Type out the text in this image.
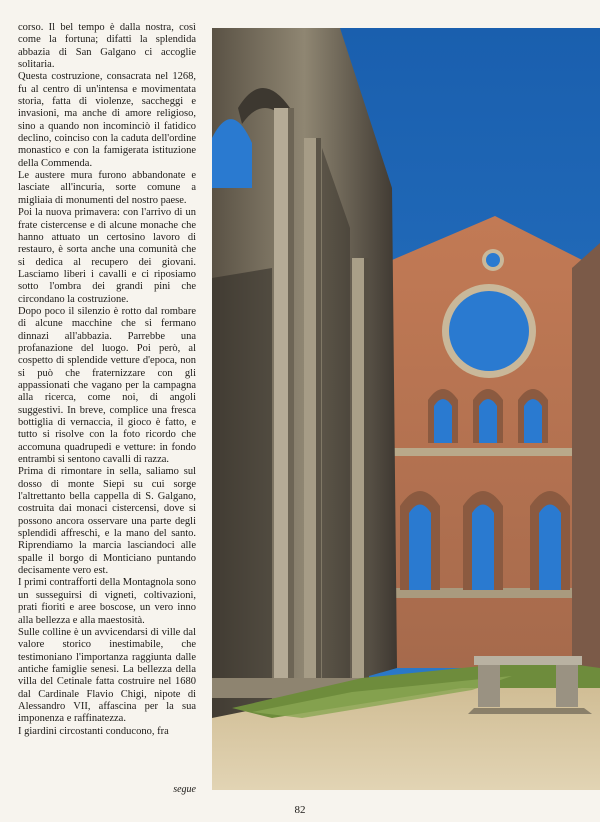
corso. Il bel tempo è dalla nostra, così come la fortuna; difatti la splendida abbazia di San Galgano ci accoglie solitaria.

Questa costruzione, consacrata nel 1268, fu al centro di un'intensa e movimentata storia, fatta di violenze, saccheggi e invasioni, ma anche di amore religioso, sino a quando non incominciò il fatidico declino, coinciso con la caduta dell'ordine monastico e con la famigerata istituzione della Commenda.

Le austere mura furono abbandonate e lasciate all'incuria, sorte comune a migliaia di monumenti del nostro paese.

Poi la nuova primavera: con l'arrivo di un frate cistercense e di alcune monache che hanno attuato un certosino lavoro di restauro, è sorta anche una comunità che si dedica al recupero dei giovani. Lasciamo liberi i cavalli e ci riposiamo sotto l'ombra dei grandi pini che circondano la costruzione.

Dopo poco il silenzio è rotto dal rombare di alcune macchine che si fermano dinnazi all'abbazia. Parrebbe una profanazione del luogo. Poi però, al cospetto di splendide vetture d'epoca, non si può che fraternizzare con gli appassionati che vagano per la campagna alla ricerca, come noi, di angoli suggestivi. In breve, complice una fresca bottiglia di vernaccia, il gioco è fatto, e tutto si risolve con la foto ricordo che accomuna quadrupedi e vetture: in fondo entrambi si sentono cavalli di razza.

Prima di rimontare in sella, saliamo sul dosso di monte Siepi su cui sorge l'altrettanto bella cappella di S. Galgano, costruita dai monaci cistercensi, dove si possono ancora osservare una parte degli splendidi affreschi, e la mano del santo. Riprendiamo la marcia lasciandoci alle spalle il borgo di Monticiano puntando decisamente vero est.

I primi contrafforti della Montagnola sono un susseguirsi di vigneti, coltivazioni, prati fioriti e aree boscose, un vero inno alla bellezza e alla maestosità.

Sulle colline è un avvicendarsi di ville dal valore storico inestimabile, che testimoniano l'importanza raggiunta dalle antiche famiglie senesi. La bellezza della villa del Cetinale fatta costruire nel 1680 dal Cardinale Flavio Chigi, nipote di Alessandro VII, affascina per la sua imponenza e raffinatezza.

I giardini circostanti conducono, fra

segue
82
